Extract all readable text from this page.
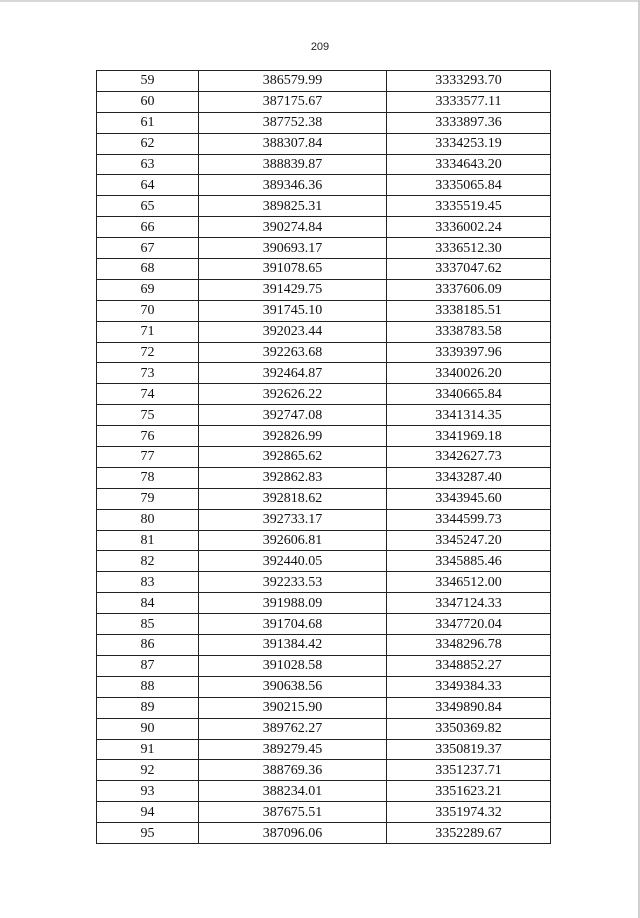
209
59	386579.99	3333293.70
60	387175.67	3333577.11
61	387752.38	3333897.36
62	388307.84	3334253.19
63	388839.87	3334643.20
64	389346.36	3335065.84
65	389825.31	3335519.45
66	390274.84	3336002.24
67	390693.17	3336512.30
68	391078.65	3337047.62
69	391429.75	3337606.09
70	391745.10	3338185.51
71	392023.44	3338783.58
72	392263.68	3339397.96
73	392464.87	3340026.20
74	392626.22	3340665.84
75	392747.08	3341314.35
76	392826.99	3341969.18
77	392865.62	3342627.73
78	392862.83	3343287.40
79	392818.62	3343945.60
80	392733.17	3344599.73
81	392606.81	3345247.20
82	392440.05	3345885.46
83	392233.53	3346512.00
84	391988.09	3347124.33
85	391704.68	3347720.04
86	391384.42	3348296.78
87	391028.58	3348852.27
88	390638.56	3349384.33
89	390215.90	3349890.84
90	389762.27	3350369.82
91	389279.45	3350819.37
92	388769.36	3351237.71
93	388234.01	3351623.21
94	387675.51	3351974.32
95	387096.06	3352289.67
